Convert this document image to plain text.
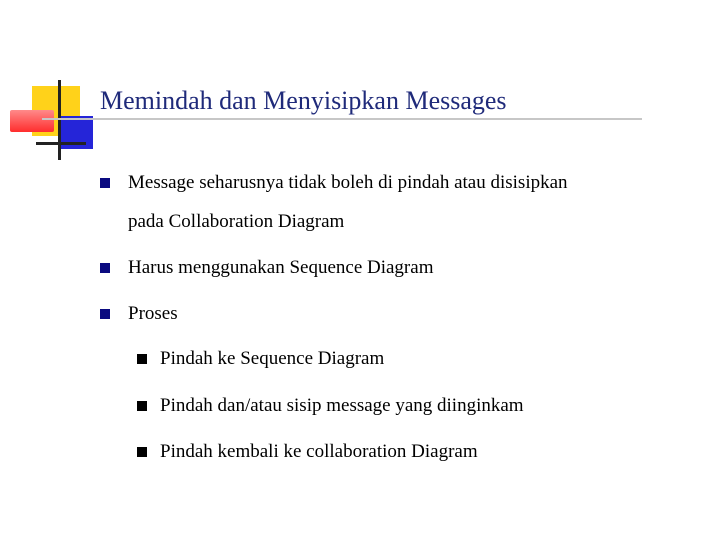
Memindah dan Menyisipkan Messages
Message seharusnya tidak boleh di pindah atau disisipkan
pada Collaboration Diagram
Harus menggunakan Sequence Diagram
Proses
Pindah ke Sequence Diagram
Pindah dan/atau sisip message yang diinginkam
Pindah kembali ke collaboration Diagram
